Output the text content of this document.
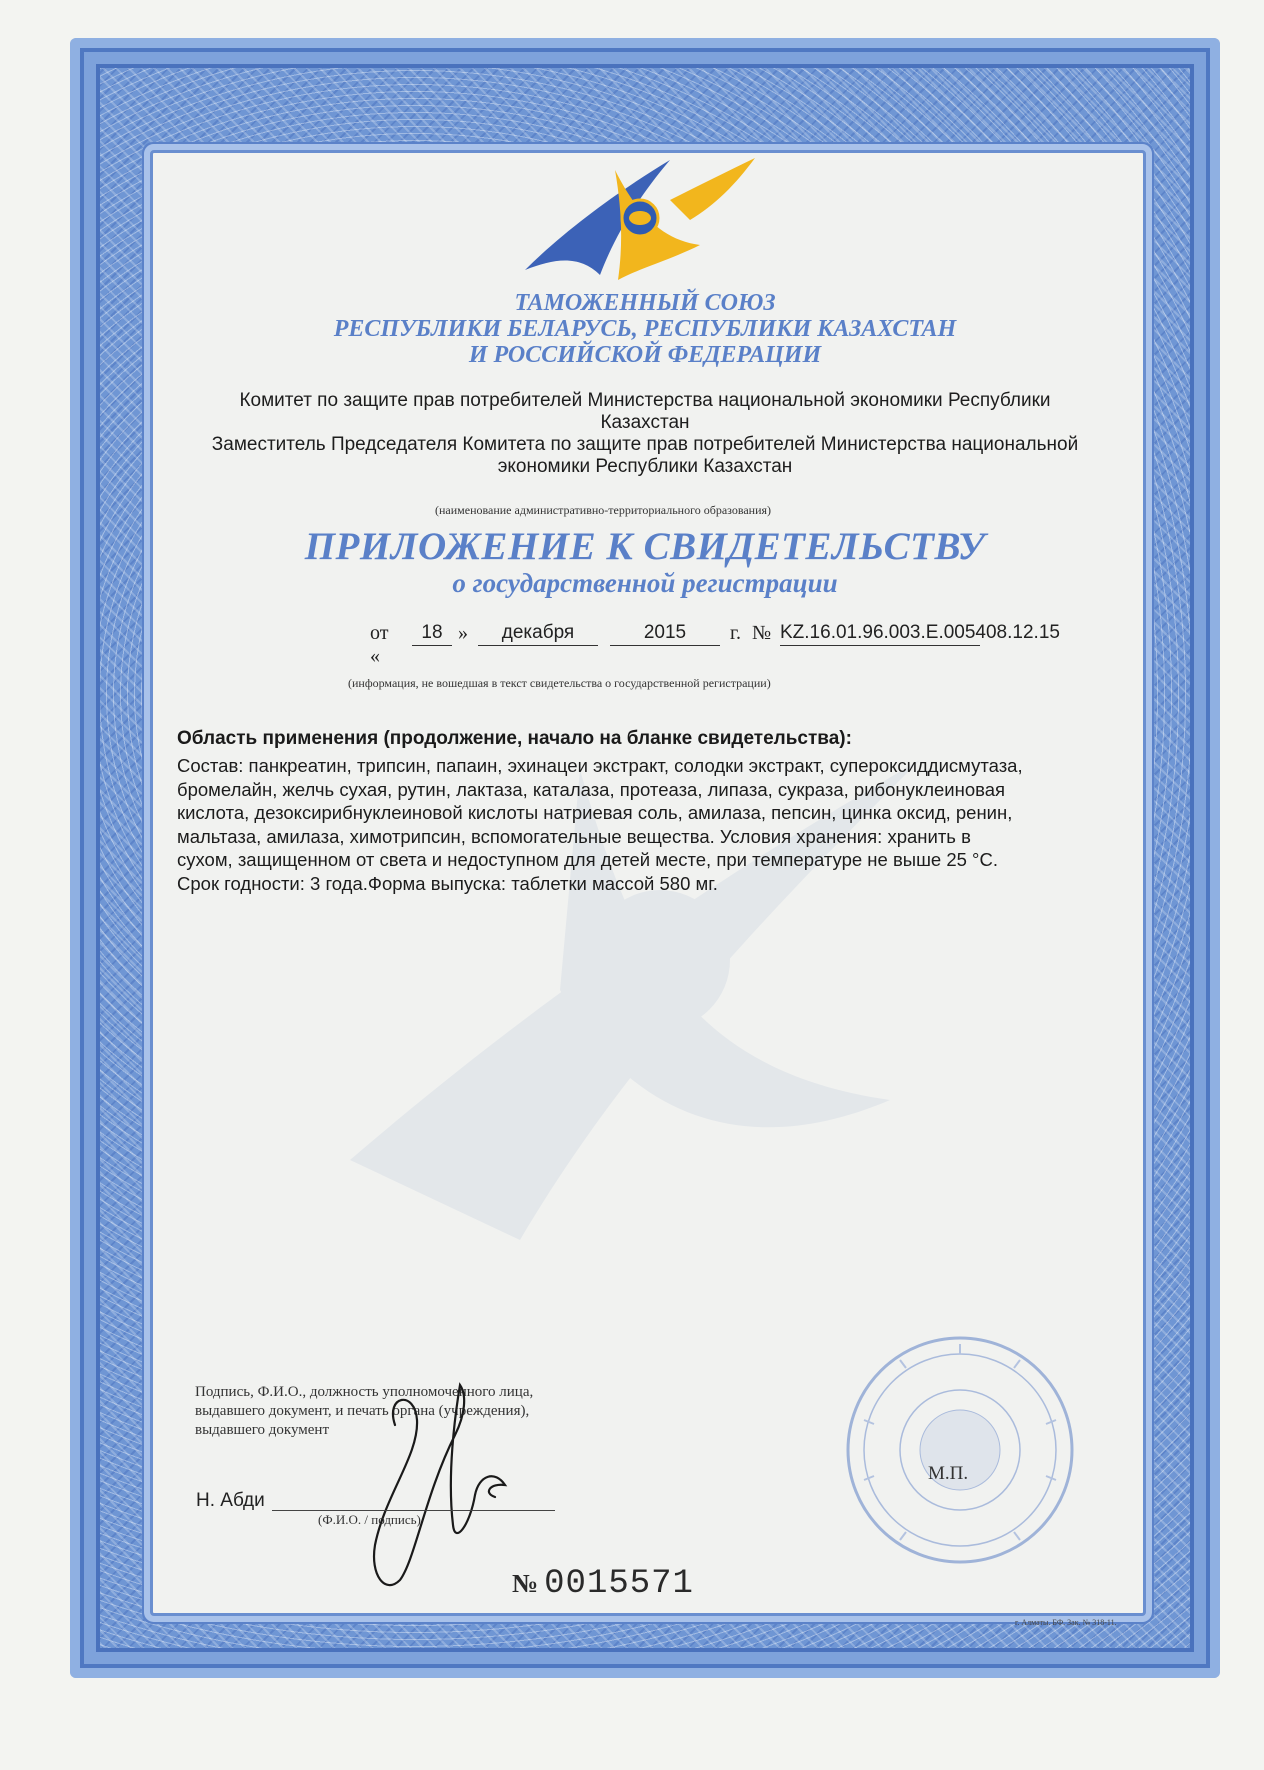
ТАМОЖЕННЫЙ СОЮЗ
РЕСПУБЛИКИ БЕЛАРУСЬ, РЕСПУБЛИКИ КАЗАХСТАН
И РОССИЙСКОЙ ФЕДЕРАЦИИ
Комитет по защите прав потребителей Министерства национальной экономики Республики
Казахстан
Заместитель Председателя Комитета по защите прав потребителей Министерства национальной
экономики Республики Казахстан
(наименование административно-территориального образования)
ПРИЛОЖЕНИЕ К СВИДЕТЕЛЬСТВУ
о государственной регистрации
от «
18 »	декабря	2015	г. № KZ.16.01.96.003.Е.005408.12.15
(информация, не вошедшая в текст свидетельства о государственной регистрации)
Область применения (продолжение, начало на бланке свидетельства):
Состав: панкреатин, трипсин, папаин, эхинацеи экстракт, солодки экстракт, супероксиддисмутаза,
бромелайн, желчь сухая, рутин, лактаза, каталаза, протеаза, липаза, сукраза, рибонуклеиновая
кислота, дезоксирибнуклеиновой кислоты натриевая соль, амилаза, пепсин, цинка оксид, ренин,
мальтаза, амилаза, химотрипсин, вспомогательные вещества. Условия хранения: хранить в
сухом, защищенном от света и недоступном для детей месте, при температуре не выше 25 °С.
Срок годности: 3 года.Форма выпуска: таблетки массой 580 мг.
Подпись, Ф.И.О., должность уполномоченного лица,
выдавшего документ, и печать органа (учреждения),
выдавшего документ
Н. Абди
(Ф.И.О. / подпись)
М.П.
№ 0015571
г. Алматы. БФ. Зак. № 318-11.
